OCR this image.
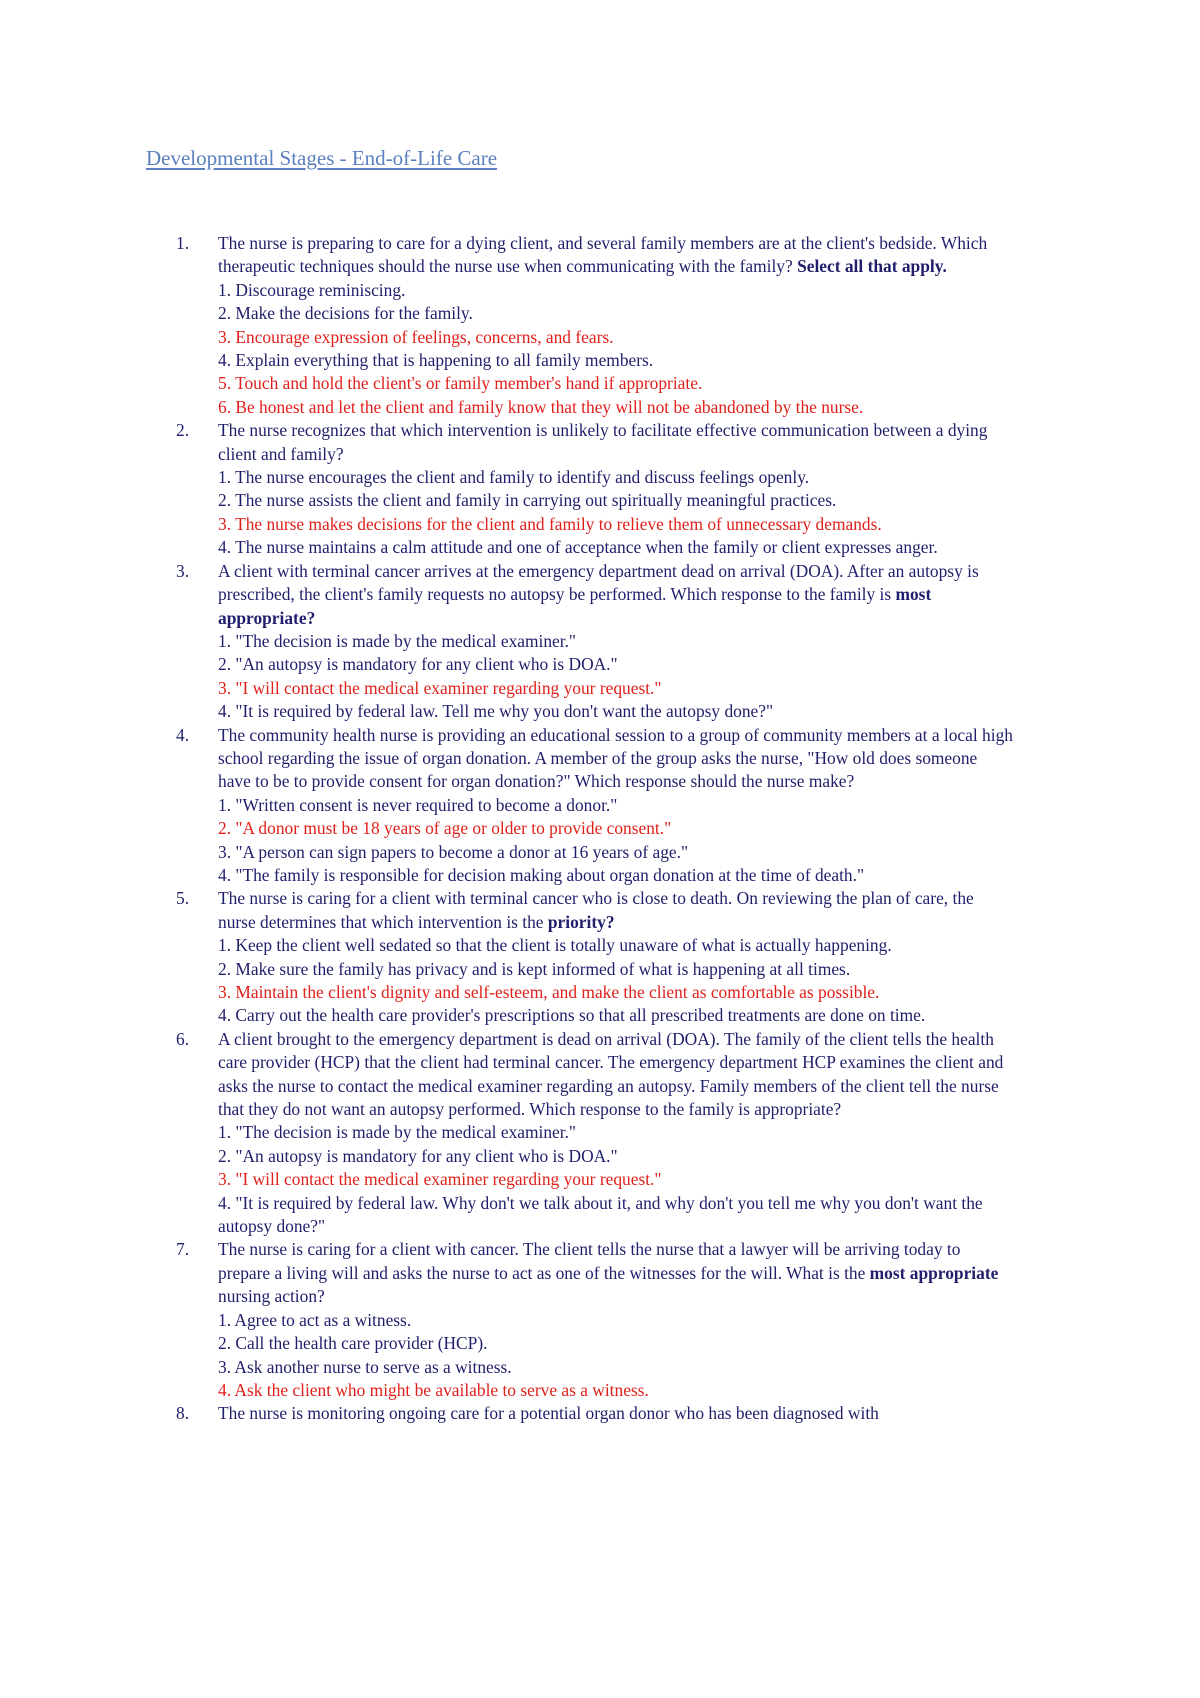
Developmental Stages - End-of-Life Care
1. The nurse is preparing to care for a dying client, and several family members are at the client's bedside. Which therapeutic techniques should the nurse use when communicating with the family? Select all that apply.
1. Discourage reminiscing.
2. Make the decisions for the family.
3. Encourage expression of feelings, concerns, and fears.
4. Explain everything that is happening to all family members.
5. Touch and hold the client's or family member's hand if appropriate.
6. Be honest and let the client and family know that they will not be abandoned by the nurse.
2. The nurse recognizes that which intervention is unlikely to facilitate effective communication between a dying client and family?
1. The nurse encourages the client and family to identify and discuss feelings openly.
2. The nurse assists the client and family in carrying out spiritually meaningful practices.
3. The nurse makes decisions for the client and family to relieve them of unnecessary demands.
4. The nurse maintains a calm attitude and one of acceptance when the family or client expresses anger.
3. A client with terminal cancer arrives at the emergency department dead on arrival (DOA). After an autopsy is prescribed, the client's family requests no autopsy be performed. Which response to the family is most appropriate?
1. "The decision is made by the medical examiner."
2. "An autopsy is mandatory for any client who is DOA."
3. "I will contact the medical examiner regarding your request."
4. "It is required by federal law. Tell me why you don't want the autopsy done?"
4. The community health nurse is providing an educational session to a group of community members at a local high school regarding the issue of organ donation. A member of the group asks the nurse, "How old does someone have to be to provide consent for organ donation?" Which response should the nurse make?
1. "Written consent is never required to become a donor."
2. "A donor must be 18 years of age or older to provide consent."
3. "A person can sign papers to become a donor at 16 years of age."
4. "The family is responsible for decision making about organ donation at the time of death."
5. The nurse is caring for a client with terminal cancer who is close to death. On reviewing the plan of care, the nurse determines that which intervention is the priority?
1. Keep the client well sedated so that the client is totally unaware of what is actually happening.
2. Make sure the family has privacy and is kept informed of what is happening at all times.
3. Maintain the client's dignity and self-esteem, and make the client as comfortable as possible.
4. Carry out the health care provider's prescriptions so that all prescribed treatments are done on time.
6. A client brought to the emergency department is dead on arrival (DOA). The family of the client tells the health care provider (HCP) that the client had terminal cancer. The emergency department HCP examines the client and asks the nurse to contact the medical examiner regarding an autopsy. Family members of the client tell the nurse that they do not want an autopsy performed. Which response to the family is appropriate?
1. "The decision is made by the medical examiner."
2. "An autopsy is mandatory for any client who is DOA."
3. "I will contact the medical examiner regarding your request."
4. "It is required by federal law. Why don't we talk about it, and why don't you tell me why you don't want the autopsy done?"
7. The nurse is caring for a client with cancer. The client tells the nurse that a lawyer will be arriving today to prepare a living will and asks the nurse to act as one of the witnesses for the will. What is the most appropriate nursing action?
1. Agree to act as a witness.
2. Call the health care provider (HCP).
3. Ask another nurse to serve as a witness.
4. Ask the client who might be available to serve as a witness.
8. The nurse is monitoring ongoing care for a potential organ donor who has been diagnosed with
